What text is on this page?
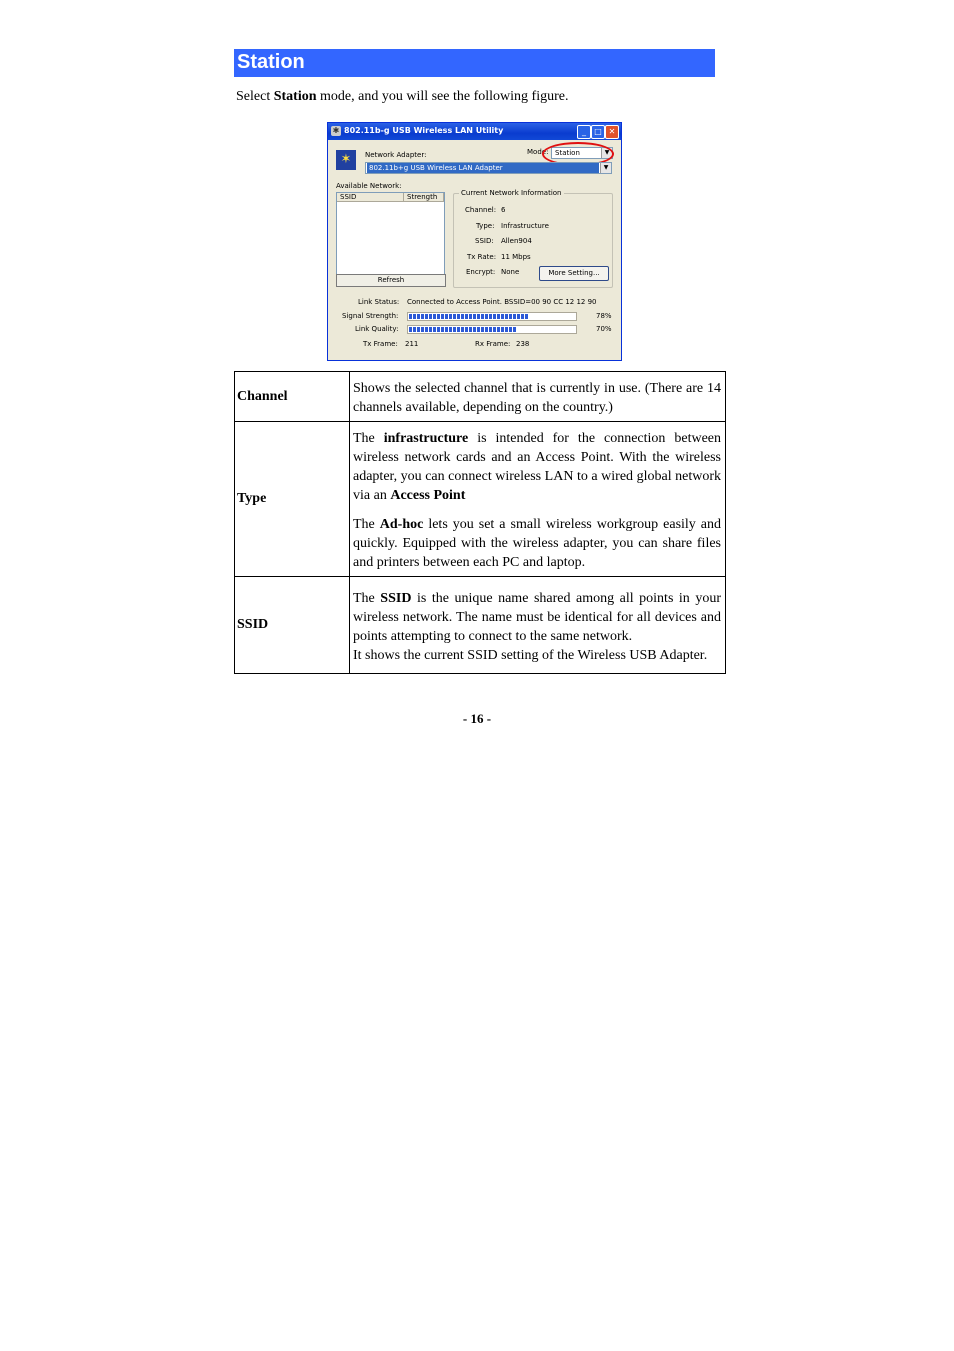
Station
Select Station mode, and you will see the following figure.
✱ 802.11b-g USB Wireless LAN Utility	_	□ ✕
✶	Network Adapter:	Mode: Station	▼
802.11b+g USB Wireless LAN Adapter	▼
Available Network:
SSID	Strength
Refresh
Current Network Information
Channel: 6
Type: Infrastructure
SSID: Allen904
Tx Rate: 11 Mbps
Encrypt: None	More Setting...
Link Status: Connected to Access Point. BSSID=00 90 CC 12 12 90
Signal Strength:	78%
Link Quality:	70%
Tx Frame: 211	Rx Frame: 238
Channel	Shows the selected channel that is currently in use. (There are 14 channels available, depending on the country.)
Type	The infrastructure is intended for the connection between wireless network cards and an Access Point. With the wireless adapter, you can connect wireless LAN to a wired global network via an Access Point

The Ad-hoc lets you set a small wireless workgroup easily and quickly. Equipped with the wireless adapter, you can share files and printers between each PC and laptop.

SSID	The SSID is the unique name shared among all points in your wireless network. The name must be identical for all devices and points attempting to connect to the same network.

It shows the current SSID setting of the Wireless USB Adapter.

- 16 -
